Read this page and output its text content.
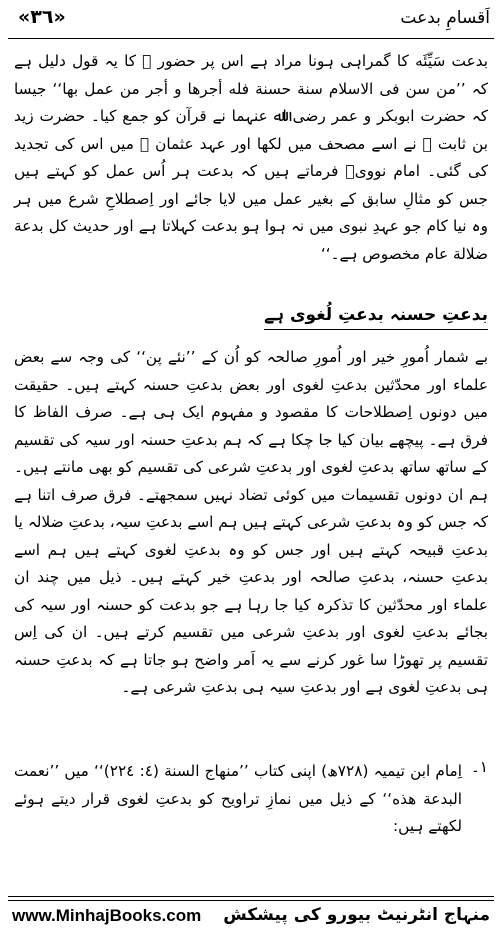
اَقسامِ بدعت
« ٣٦ »
بدعت سَیِّئَه کا گمراہی ہونا مراد ہے اس پر حضور ﷺ کا یہ قول دلیل ہے کہ ’’من سن فی الاسلام سنة حسنة فله أجرها و أجر من عمل بها‘‘ جیسا کہ حضرت ابوبکر و عمر رضی اﷲ عنہما نے قرآن کو جمع کیا۔ حضرت زید بن ثابت ﷺ نے اسے مصحف میں لکھا اور عہد عثمان ﷺ میں اس کی تجدید کی گئی۔ امام نوویؒ فرماتے ہیں کہ بدعت ہر اُس عمل کو کہتے ہیں جس کو مثالِ سابق کے بغیر عمل میں لایا جائے اور اِصطلاحِ شرع میں ہر وہ نیا کام جو عہدِ نبوی میں نہ ہوا ہو بدعت کہلاتا ہے اور حدیث کل بدعة ضلالة عام مخصوص ہے۔‘‘
بدعتِ حسنہ بدعتِ لُغوی ہے
بے شمار اُمورِ خیر اور اُمورِ صالحہ کو اُن کے ’’نئے پن‘‘ کی وجہ سے بعض علماء اور محدّثین بدعتِ لغوی اور بعض بدعتِ حسنہ کہتے ہیں۔ حقیقت میں دونوں اِصطلاحات کا مقصود و مفہوم ایک ہی ہے۔ صرف الفاظ کا فرق ہے۔ پیچھے بیان کیا جا چکا ہے کہ ہم بدعتِ حسنہ اور سیہ کی تقسیم کے ساتھ ساتھ بدعتِ لغوی اور بدعتِ شرعی کی تقسیم کو بھی مانتے ہیں۔ ہم ان دونوں تقسیمات میں کوئی تضاد نہیں سمجھتے۔ فرق صرف اتنا ہے کہ جس کو وہ بدعتِ شرعی کہتے ہیں ہم اسے بدعتِ سیہ، بدعتِ ضلالہ یا بدعتِ قبیحہ کہتے ہیں اور جس کو وہ بدعتِ لغوی کہتے ہیں ہم اسے بدعتِ حسنہ، بدعتِ صالحہ اور بدعتِ خیر کہتے ہیں۔ ذیل میں چند ان علماء اور محدّثین کا تذکرہ کیا جا رہا ہے جو بدعت کو حسنہ اور سیہ کی بجائے بدعتِ لغوی اور بدعتِ شرعی میں تقسیم کرتے ہیں۔ ان کی اِس تقسیم پر تھوڑا سا غور کرنے سے یہ اَمر واضح ہو جاتا ہے کہ بدعتِ حسنہ ہی بدعتِ لغوی ہے اور بدعتِ سیہ ہی بدعتِ شرعی ہے۔
١۔
اِمام ابن تیمیہ (٧٢٨ھ) اپنی کتاب ’’منهاج السنة (٤: ٢٢٤)‘‘ میں ’’نعمت البدعة هذه‘‘ کے ذیل میں نمازِ تراویح کو بدعتِ لغوی قرار دیتے ہوئے لکھتے ہیں:
www.MinhajBooks.com منہاج انٹرنیٹ بیورو کی پیشکش
